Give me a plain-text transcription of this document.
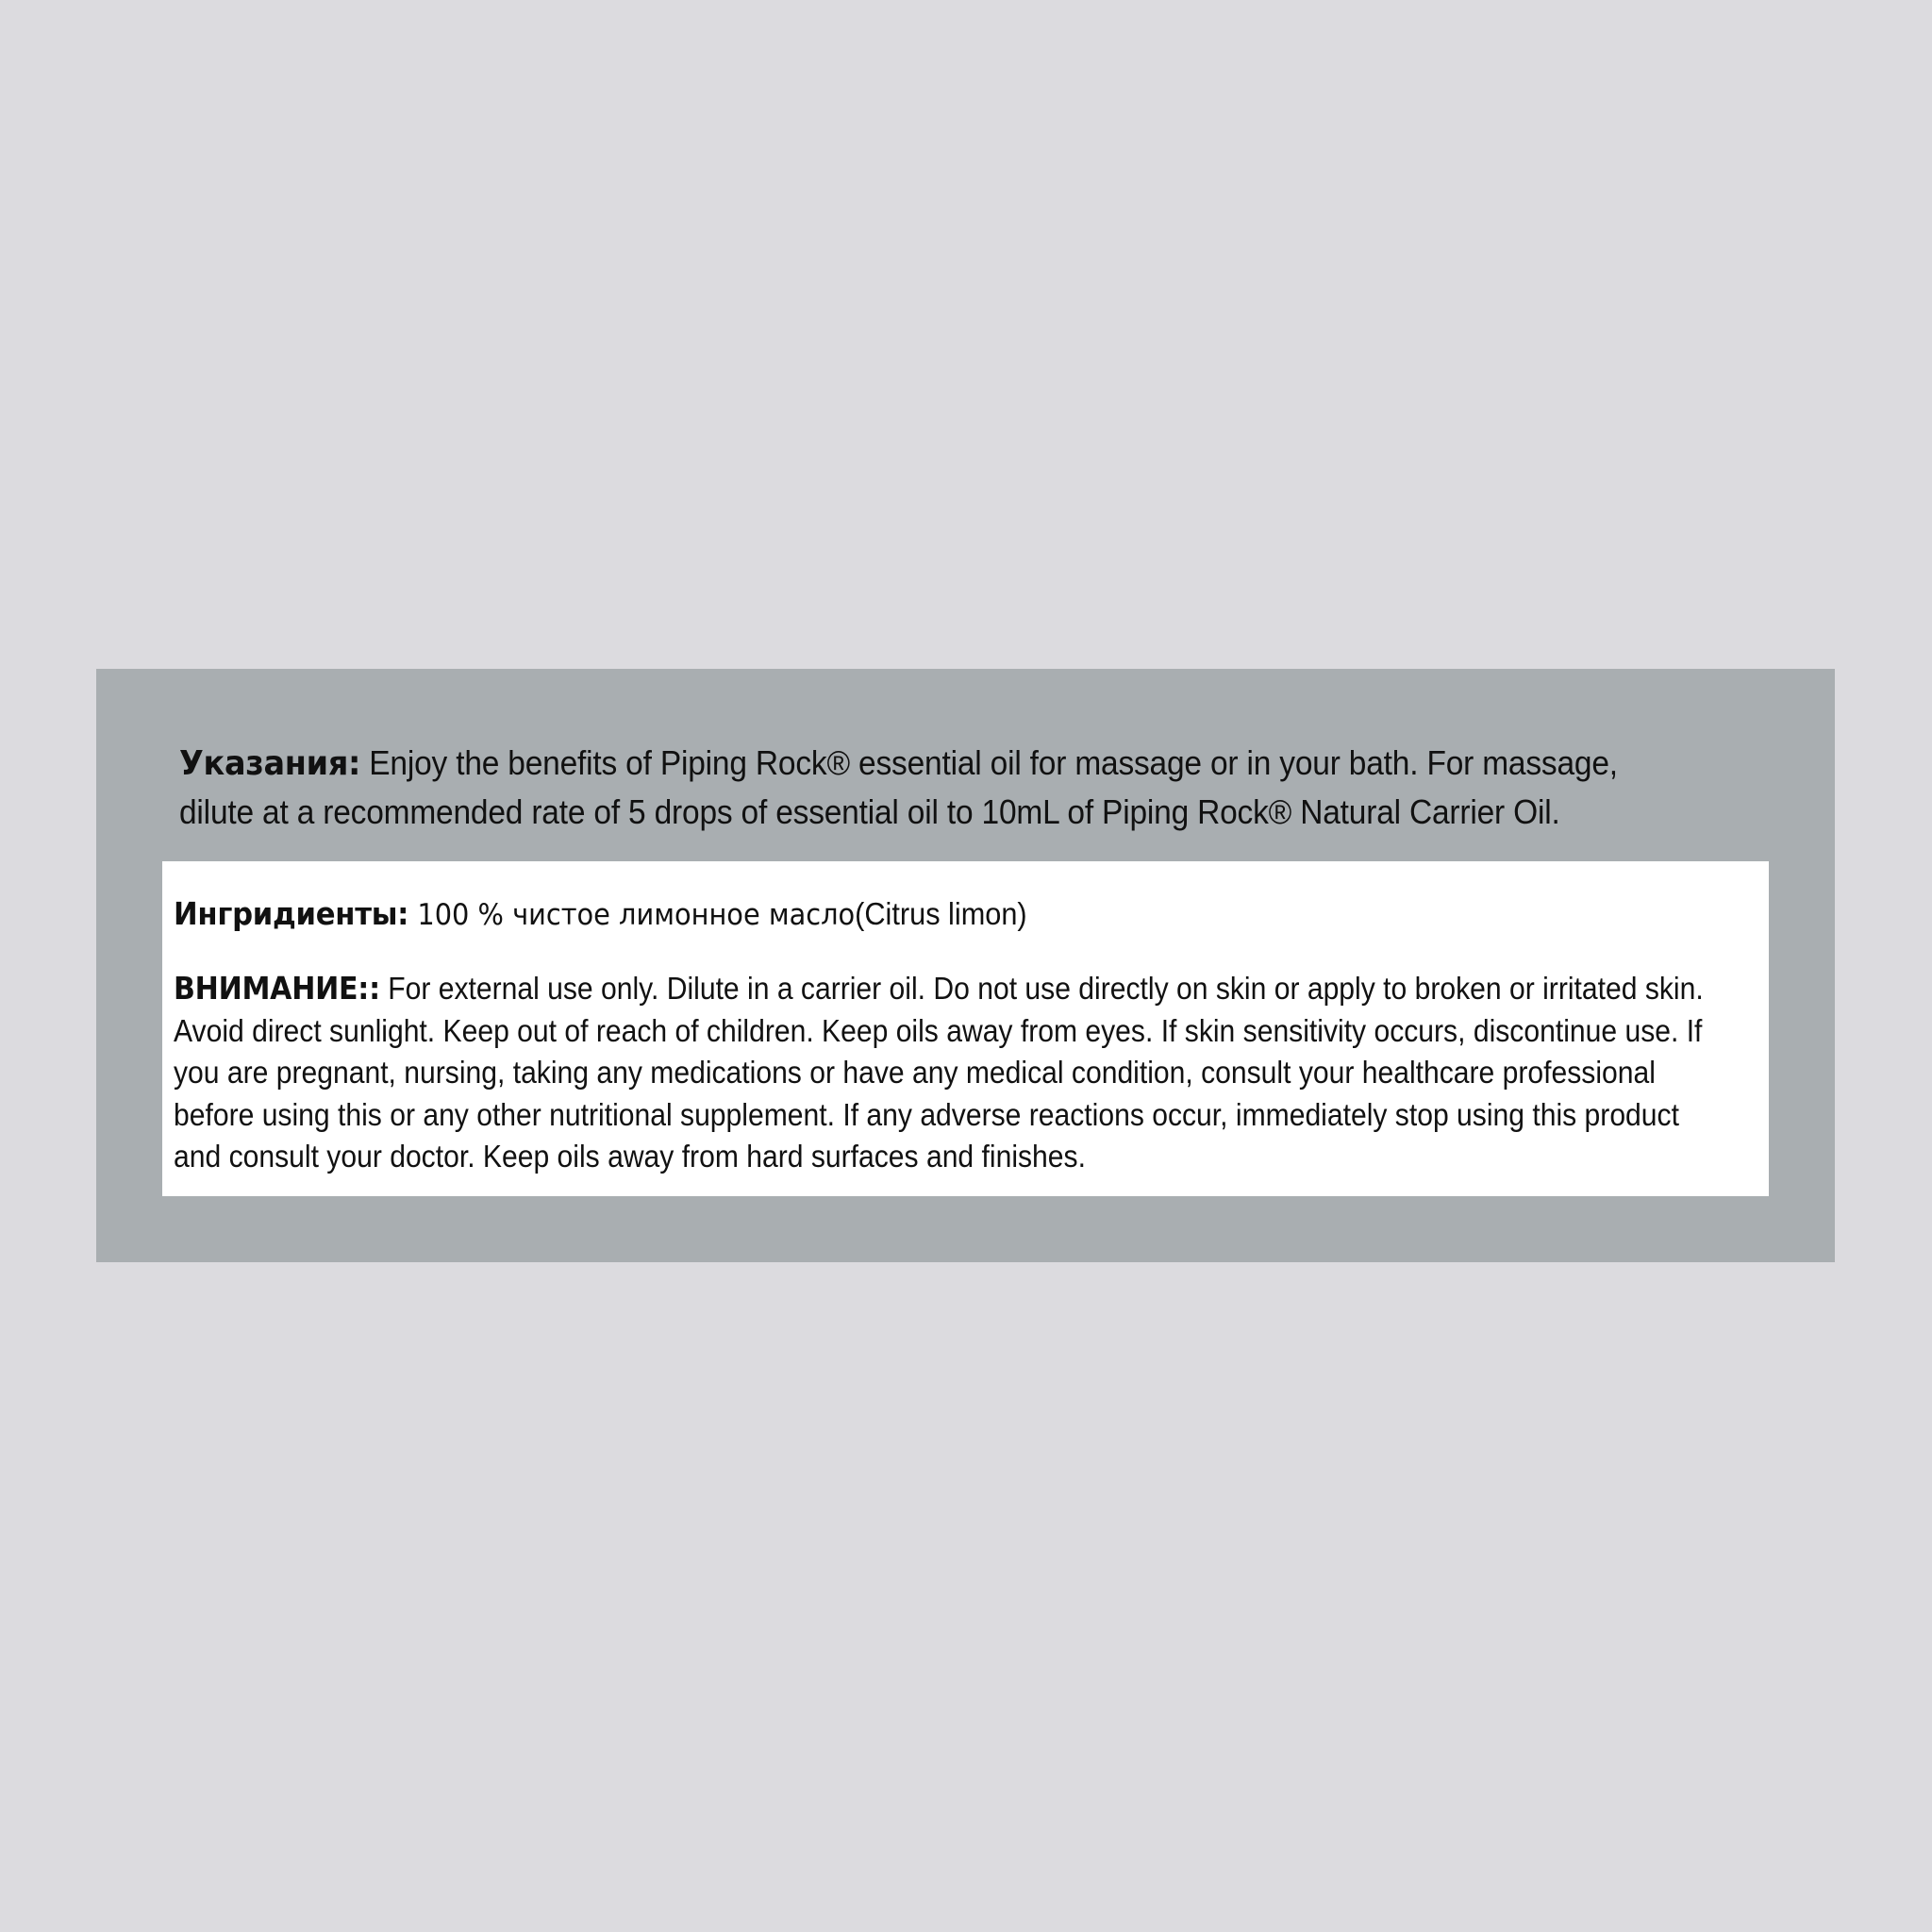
Указания: Enjoy the benefits of Piping Rock® essential oil for massage or in your bath. For massage, dilute at a recommended rate of 5 drops of essential oil to 10mL of Piping Rock® Natural Carrier Oil.
Ингридиенты: 100 % чистое лимонное масло(Citrus limon)
ВНИМАНИЕ:: For external use only. Dilute in a carrier oil. Do not use directly on skin or apply to broken or irritated skin. Avoid direct sunlight. Keep out of reach of children. Keep oils away from eyes. If skin sensitivity occurs, discontinue use. If you are pregnant, nursing, taking any medications or have any medical condition, consult your healthcare professional before using this or any other nutritional supplement. If any adverse reactions occur, immediately stop using this product and consult your doctor. Keep oils away from hard surfaces and finishes.
